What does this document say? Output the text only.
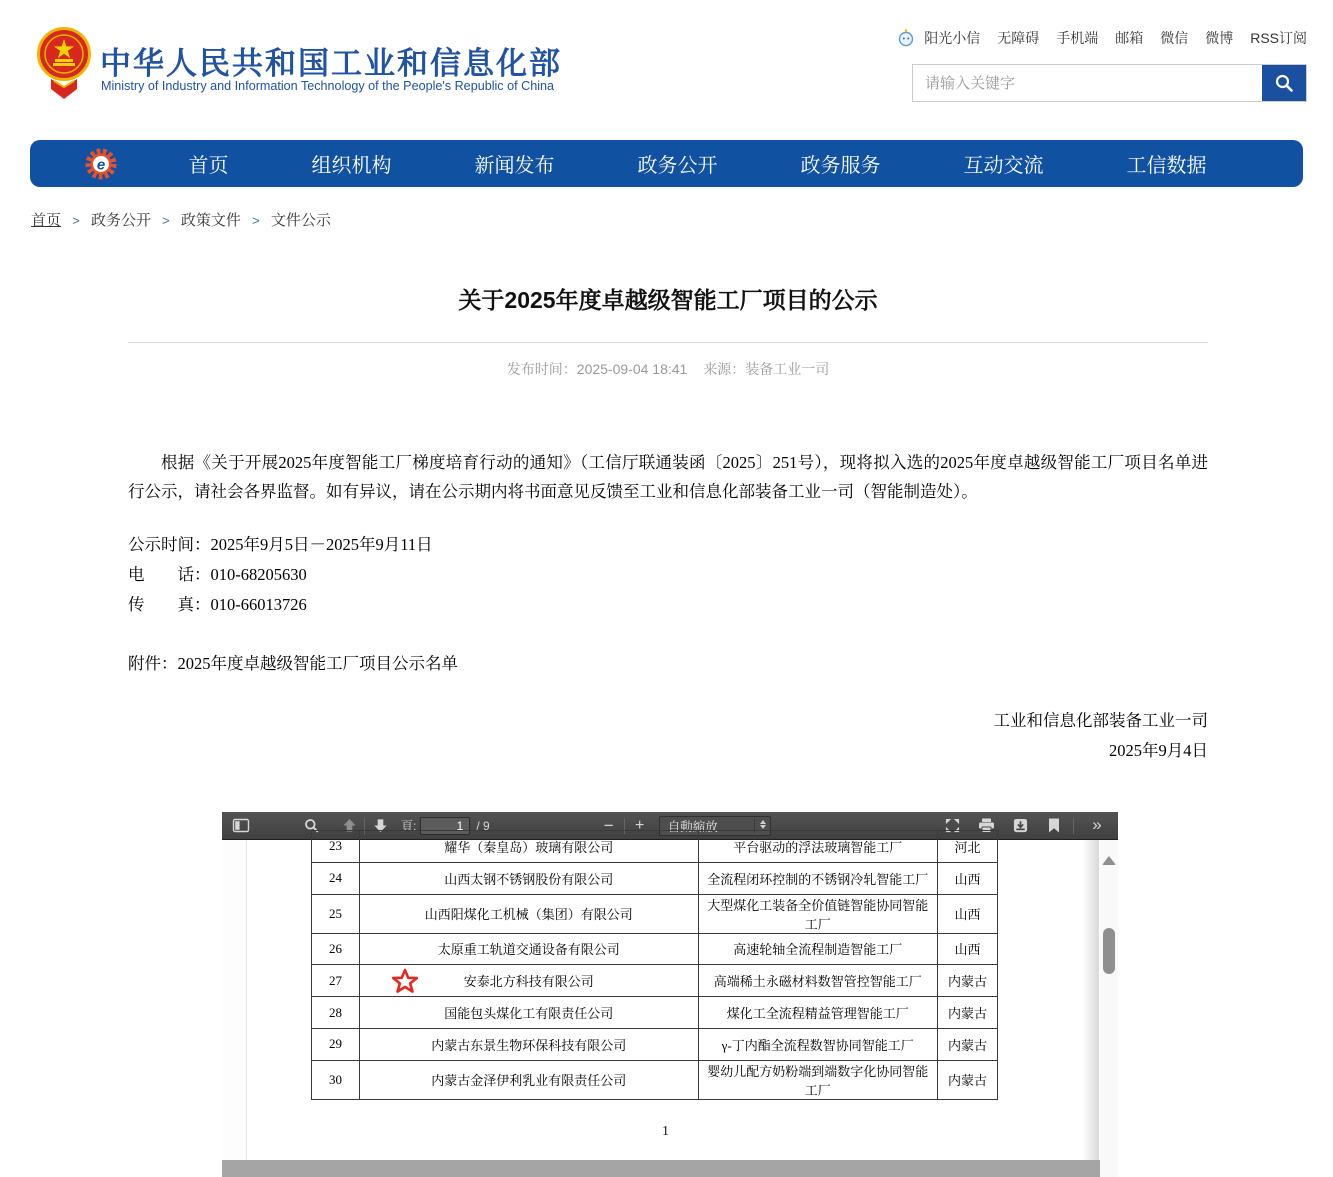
中华人民共和国工业和信息化部
Ministry of Industry and Information Technology of the People's Republic of China
阳光小信 无障碍 手机端 邮箱 微信 微博 RSS订阅
请输入关键字
e	首页	组织机构	新闻发布	政务公开	政务服务	互动交流	工信数据
首页 > 政务公开 > 政策文件 > 文件公示
关于2025年度卓越级智能工厂项目的公示
发布时间：2025-09-04 18:41 来源：装备工业一司

根据《关于开展2025年度智能工厂梯度培育行动的通知》（工信厅联通装函〔2025〕251号），现将拟入选的2025年度卓越级智能工厂项目名单进行公示，请社会各界监督。如有异议，请在公示期内将书面意见反馈至工业和信息化部装备工业一司（智能制造处）。

公示时间：2025年9月5日－2025年9月11日
电　　话：010-68205630
传　　真：010-66013726
附件：2025年度卓越级智能工厂项目公示名单
工业和信息化部装备工业一司
2025年9月4日
頁:
1	/ 9	−	+	自動縮放	»
23	耀华（秦皇岛）玻璃有限公司	平台驱动的浮法玻璃智能工厂	河北
24	山西太钢不锈钢股份有限公司	全流程闭环控制的不锈钢冷轧智能工厂	山西
25	山西阳煤化工机械（集团）有限公司	大型煤化工装备全价值链智能协同智能工厂	山西
26	太原重工轨道交通设备有限公司	高速轮轴全流程制造智能工厂	山西
27	安泰北方科技有限公司	高端稀土永磁材料数智管控智能工厂	内蒙古
28	国能包头煤化工有限责任公司	煤化工全流程精益管理智能工厂	内蒙古
29	内蒙古东景生物环保科技有限公司	γ-丁内酯全流程数智协同智能工厂	内蒙古
30	内蒙古金泽伊利乳业有限责任公司	婴幼儿配方奶粉端到端数字化协同智能工厂	内蒙古
1
